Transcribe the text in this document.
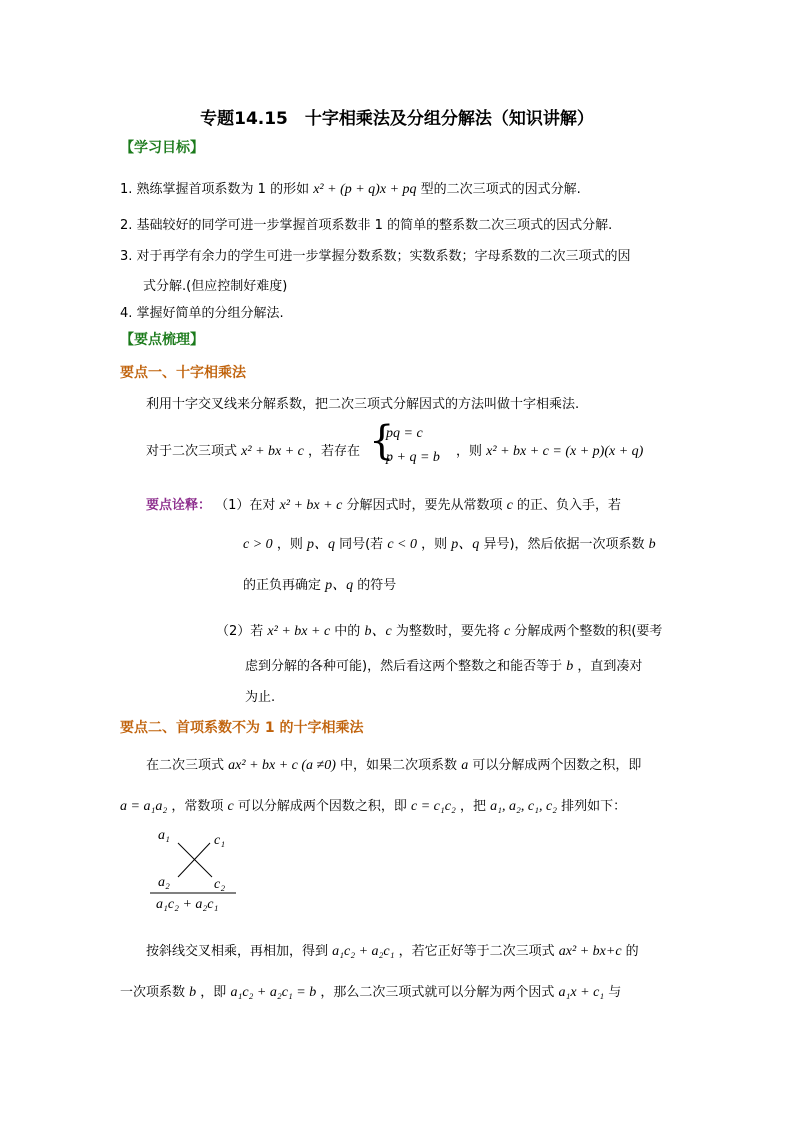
专题14.15　十字相乘法及分组分解法（知识讲解）
【学习目标】
1. 熟练掌握首项系数为 1 的形如 x² + (p + q)x + pq 型的二次三项式的因式分解.
2. 基础较好的同学可进一步掌握首项系数非 1 的简单的整系数二次三项式的因式分解.
3. 对于再学有余力的学生可进一步掌握分数系数；实数系数；字母系数的二次三项式的因
式分解.(但应控制好难度)
4. 掌握好简单的分组分解法.
【要点梳理】
要点一、十字相乘法
利用十字交叉线来分解系数，把二次三项式分解因式的方法叫做十字相乘法.
对于二次三项式 x² + bx + c ，若存在 {
pq = c
p + q = b ，则 x² + bx + c = (x + p)(x + q)
要点诠释： （1）在对 x² + bx + c 分解因式时，要先从常数项 c 的正、负入手，若
c > 0 ，则 p、q 同号(若 c < 0 ，则 p、q 异号)，然后依据一次项系数 b
的正负再确定 p、q 的符号
（2）若 x² + bx + c 中的 b、c 为整数时，要先将 c 分解成两个整数的积(要考
虑到分解的各种可能)，然后看这两个整数之和能否等于 b ，直到凑对
为止.
要点二、首项系数不为 1 的十字相乘法
在二次三项式 ax² + bx + c (a ≠0) 中，如果二次项系数 a 可以分解成两个因数之积，即
a = a₁a₂ ，常数项 c 可以分解成两个因数之积，即 c = c₁c₂ ，把 a₁, a₂, c₁, c₂ 排列如下：
a₁	c₁
a₂	c₂
a₁c₂ + a₂c₁
按斜线交叉相乘，再相加，得到 a₁c₂ + a₂c₁ ，若它正好等于二次三项式 ax² + bx+c 的
一次项系数 b ，即 a₁c₂ + a₂c₁ = b ，那么二次三项式就可以分解为两个因式 a₁x + c₁ 与
